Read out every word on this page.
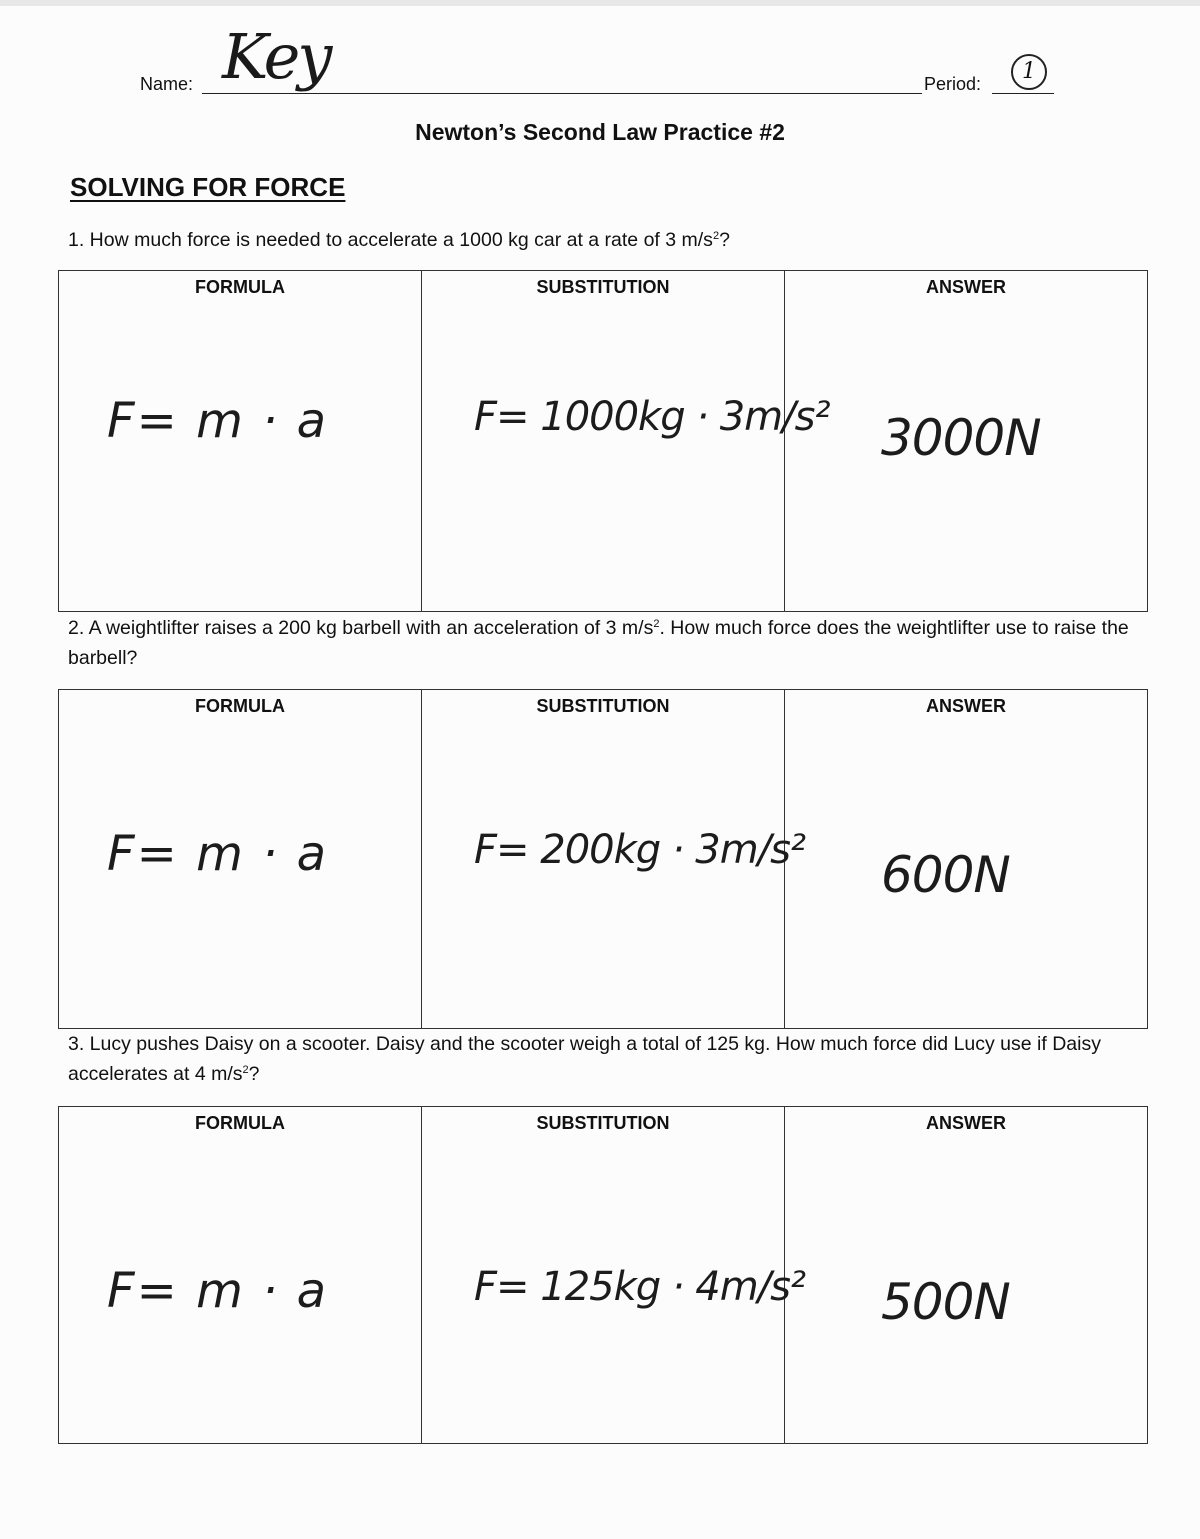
Name: Key	Period:	1
Newton’s Second Law Practice #2
SOLVING FOR FORCE
1. How much force is needed to accelerate a 1000 kg car at a rate of 3 $m/s^2$?
FORMULA
F= m · a
SUBSTITUTION
F= 1000kg · 3m/s²
ANSWER
3000N
2. A weightlifter raises a 200 kg barbell with an acceleration of 3 $m/s^2$. How much force does the weightlifter use to raise the barbell?
FORMULA
F= m · a
SUBSTITUTION
F= 200kg · 3m/s²
ANSWER
600N
3. Lucy pushes Daisy on a scooter. Daisy and the scooter weigh a total of 125 kg. How much force did Lucy use if Daisy accelerates at 4 $m/s^2$?
FORMULA
F= m · a
SUBSTITUTION
F= 125kg · 4m/s²
ANSWER
500N
